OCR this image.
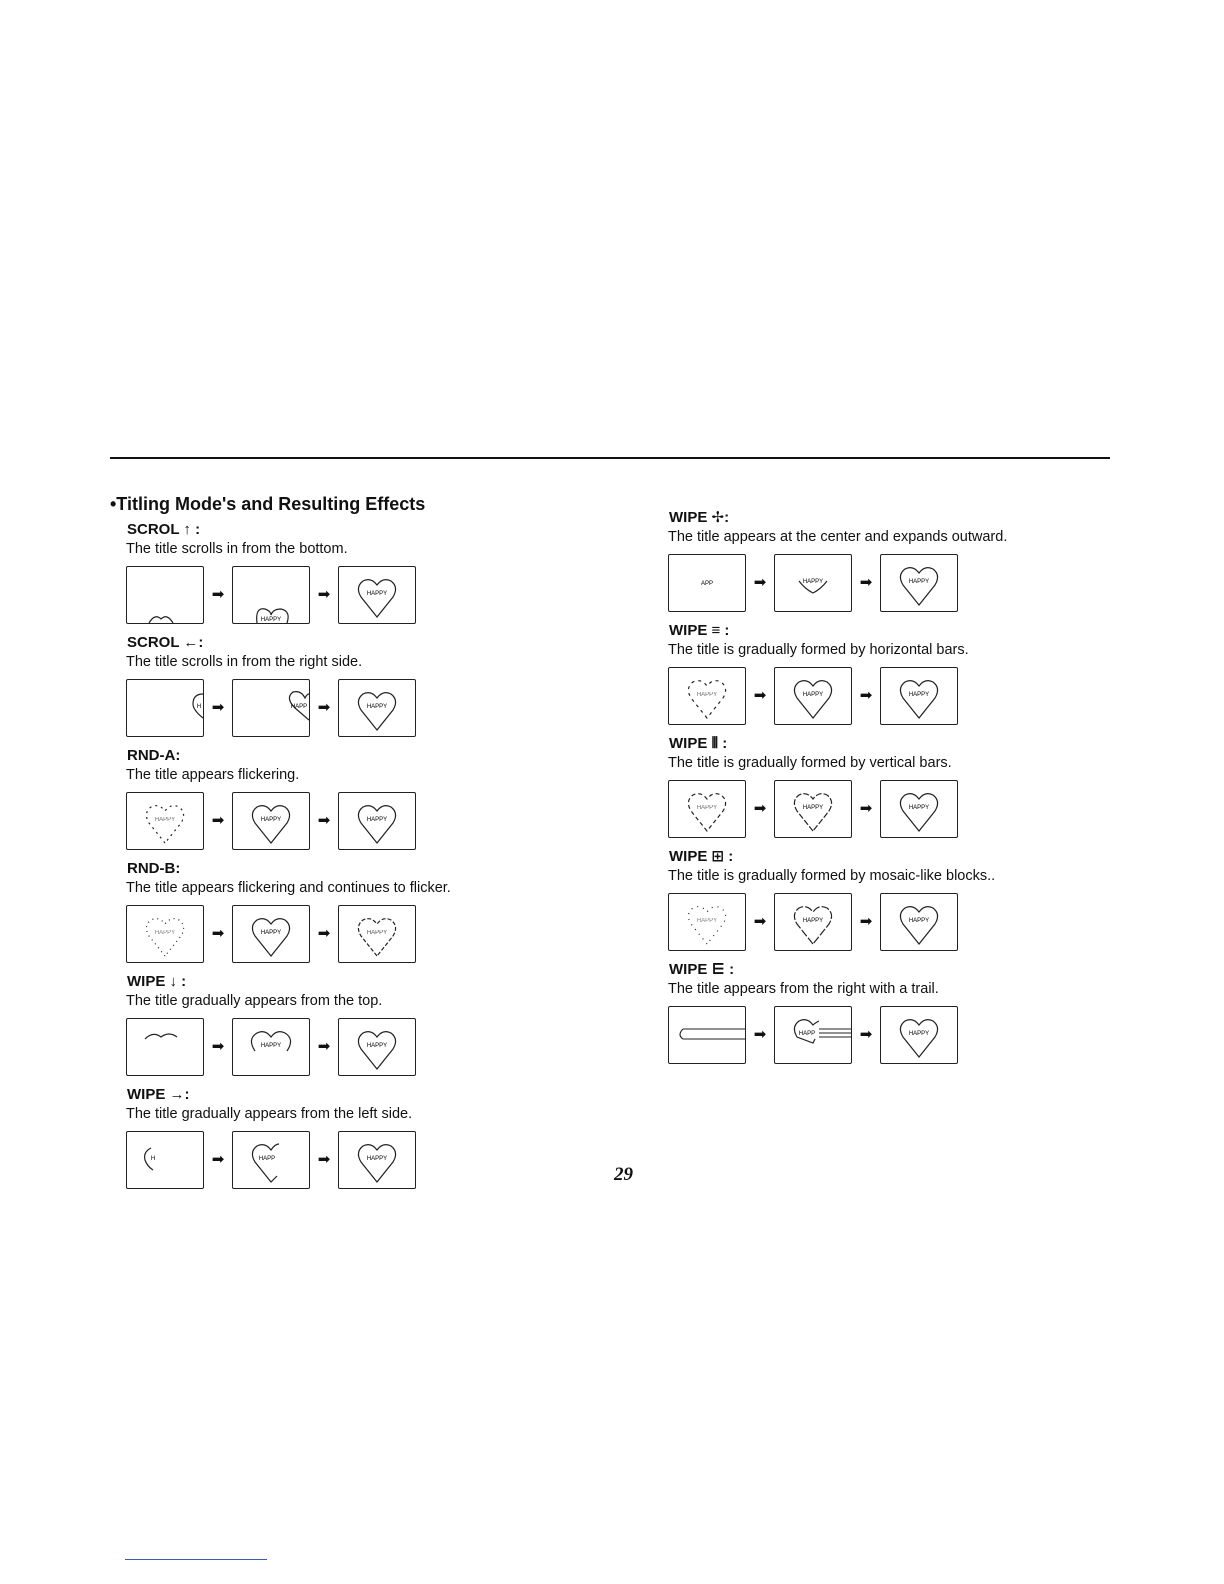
•Titling Mode's and Resulting Effects
SCROL ↑ :
The title scrolls in from the bottom.
➡
HAPPY
➡	HAPPY
SCROL ←:
The title scrolls in from the right side.
H ➡	HAPP ➡	HAPPY
RND-A:
The title appears flickering.
HAPPY	➡	HAPPY	➡	HAPPY
RND-B:
The title appears flickering and continues to flicker.
HAPPY	➡	HAPPY	➡	HAPPY
WIPE ↓ :
The title gradually appears from the top.
➡	HAPPY	➡	HAPPY
WIPE →:
The title gradually appears from the left side.
H	➡	HAPP	➡	HAPPY
WIPE ✢:
The title appears at the center and expands outward.
APP	➡	HAPPY	➡	HAPPY
WIPE ≡ :
The title is gradually formed by horizontal bars.
HAPPY	➡	HAPPY	➡	HAPPY
WIPE ⦀ :
The title is gradually formed by vertical bars.
HAPPY	➡	HAPPY	➡	HAPPY
WIPE ⊞ :
The title is gradually formed by mosaic-like blocks..
HAPPY	➡	HAPPY	➡	HAPPY
WIPE ⋿ :
The title appears from the right with a trail.
➡	HAPP	➡	HAPPY
29
